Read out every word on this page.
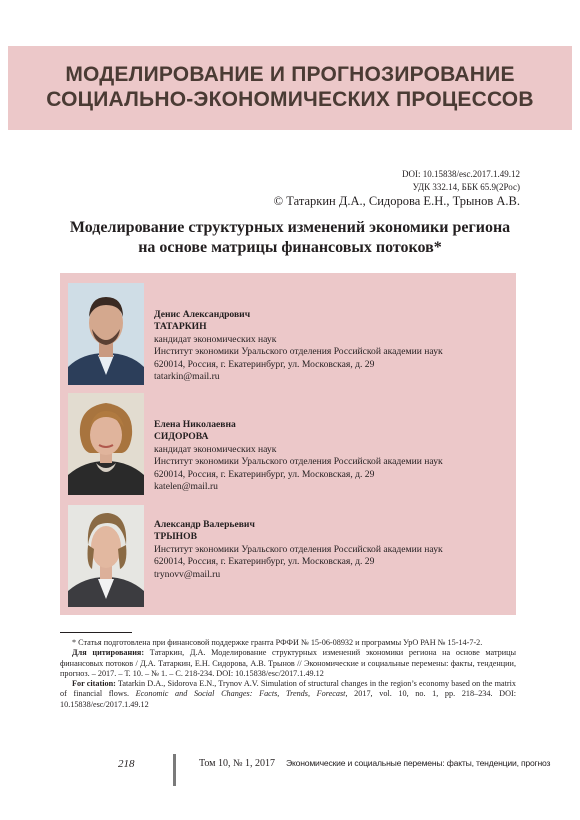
МОДЕЛИРОВАНИЕ И ПРОГНОЗИРОВАНИЕ
СОЦИАЛЬНО-ЭКОНОМИЧЕСКИХ ПРОЦЕССОВ
DOI: 10.15838/esc.2017.1.49.12
УДК 332.14, ББК 65.9(2Рос)
© Татаркин Д.А., Сидорова Е.Н., Трынов А.В.
Моделирование структурных изменений экономики региона
на основе матрицы финансовых потоков*
Денис Александрович
ТАТАРКИН
кандидат экономических наук
Институт экономики Уральского отделения Российской академии наук
620014, Россия, г. Екатеринбург, ул. Московская, д. 29
tatarkin@mail.ru
Елена Николаевна
СИДОРОВА
кандидат экономических наук
Институт экономики Уральского отделения Российской академии наук
620014, Россия, г. Екатеринбург, ул. Московская, д. 29
katelen@mail.ru
Александр Валерьевич
ТРЫНОВ
Институт экономики Уральского отделения Российской академии наук
620014, Россия, г. Екатеринбург, ул. Московская, д. 29
trynovv@mail.ru

* Статья подготовлена при финансовой поддержке гранта РФФИ № 15-06-08932 и программы УрО РАН № 15-14-7-2.

Для цитирования: Татаркин, Д.А. Моделирование структурных изменений экономики региона на основе матрицы финансовых потоков / Д.А. Татаркин, Е.Н. Сидорова, А.В. Трынов // Экономические и социальные перемены: факты, тенденции, прогноз. – 2017. – Т. 10. – № 1. – С. 218-234. DOI: 10.15838/esc/2017.1.49.12

For citation: Tatarkin D.A., Sidorova E.N., Trynov A.V. Simulation of structural changes in the region’s economy based on the matrix of financial flows. Economic and Social Changes: Facts, Trends, Forecast, 2017, vol. 10, no. 1, pp. 218–234. DOI: 10.15838/esc/2017.1.49.12

218	Том 10, № 1, 2017 Экономические и социальные перемены: факты, тенденции, прогноз
